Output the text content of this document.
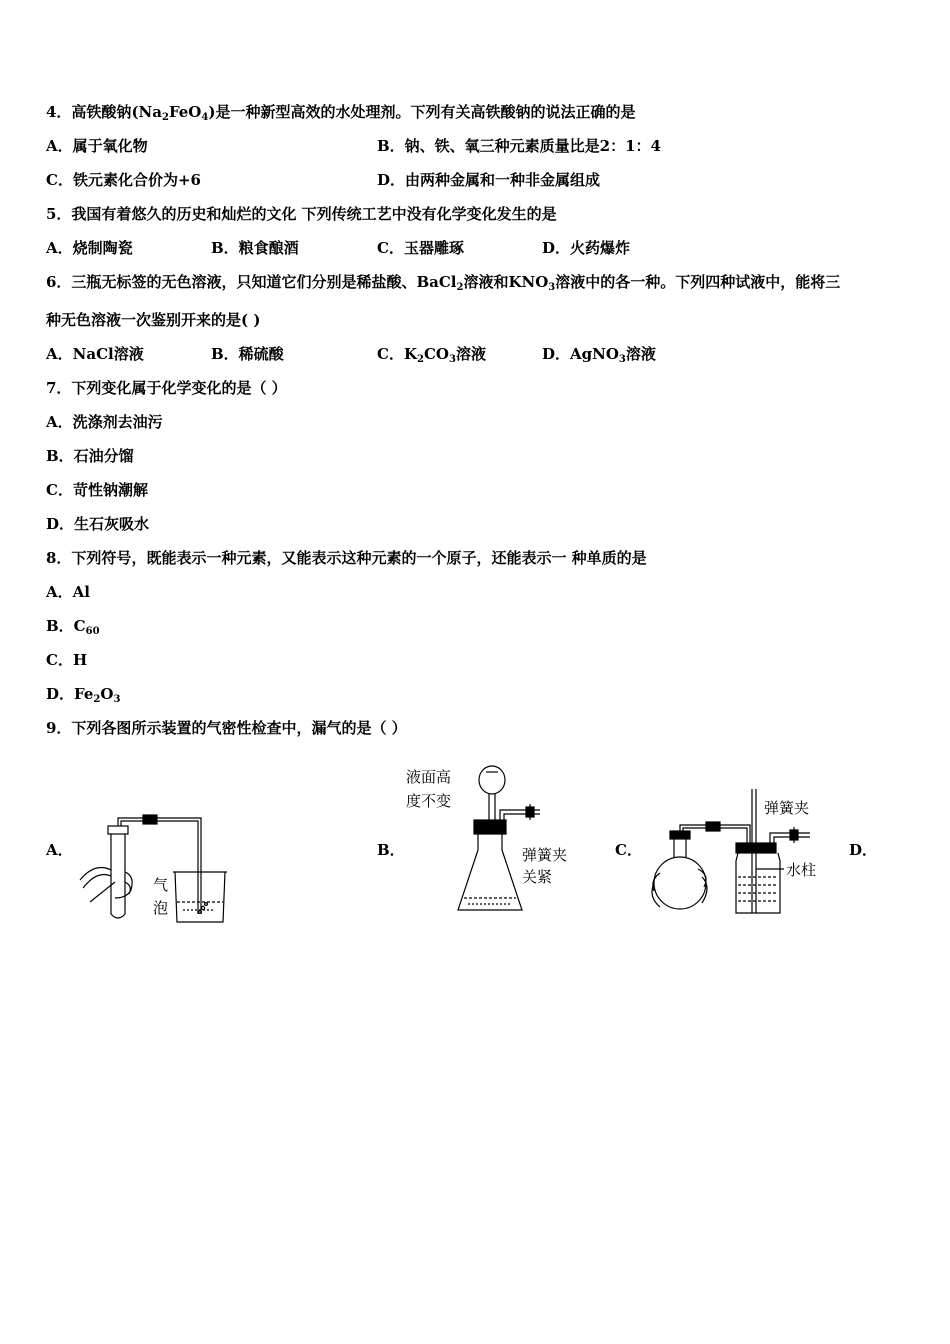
4．高铁酸钠$(Na_2FeO_4)$是一种新型高效的水处理剂。下列有关高铁酸钠的说法正确的是
A．属于氧化物	B．钠、铁、氧三种元素质量比是2：1：4
C．铁元素化合价为+6	D．由两种金属和一种非金属组成
5．我国有着悠久的历史和灿烂的文化 下列传统工艺中没有化学变化发生的是
A．烧制陶瓷	B．粮食酿酒	C．玉器雕琢	D．火药爆炸
6．三瓶无标签的无色溶液，只知道它们分别是稀盐酸、BaCl$_2$溶液和$KNO_3$溶液中的各一种。下列四种试液中，能将三
种无色溶液一次鉴别开来的是( )
A．NaCl溶液	B．稀硫酸	C．$K_2CO_3$溶液	D．AgNO$_3$溶液
7．下列变化属于化学变化的是（ ）
A．洗涤剂去油污
B．石油分馏
C．苛性钠潮解
D．生石灰吸水
8．下列符号，既能表示一种元素，又能表示这种元素的一个原子，还能表示一 种单质的是
A．Al
B．$C_{60}$
C．H
D．$Fe_2O_3$
9．下列各图所示装置的气密性检查中，漏气的是（ ）
A．	B．	C．	D．
气
泡
液面高
度不变
弹簧夹
关紧
弹簧夹
水柱
